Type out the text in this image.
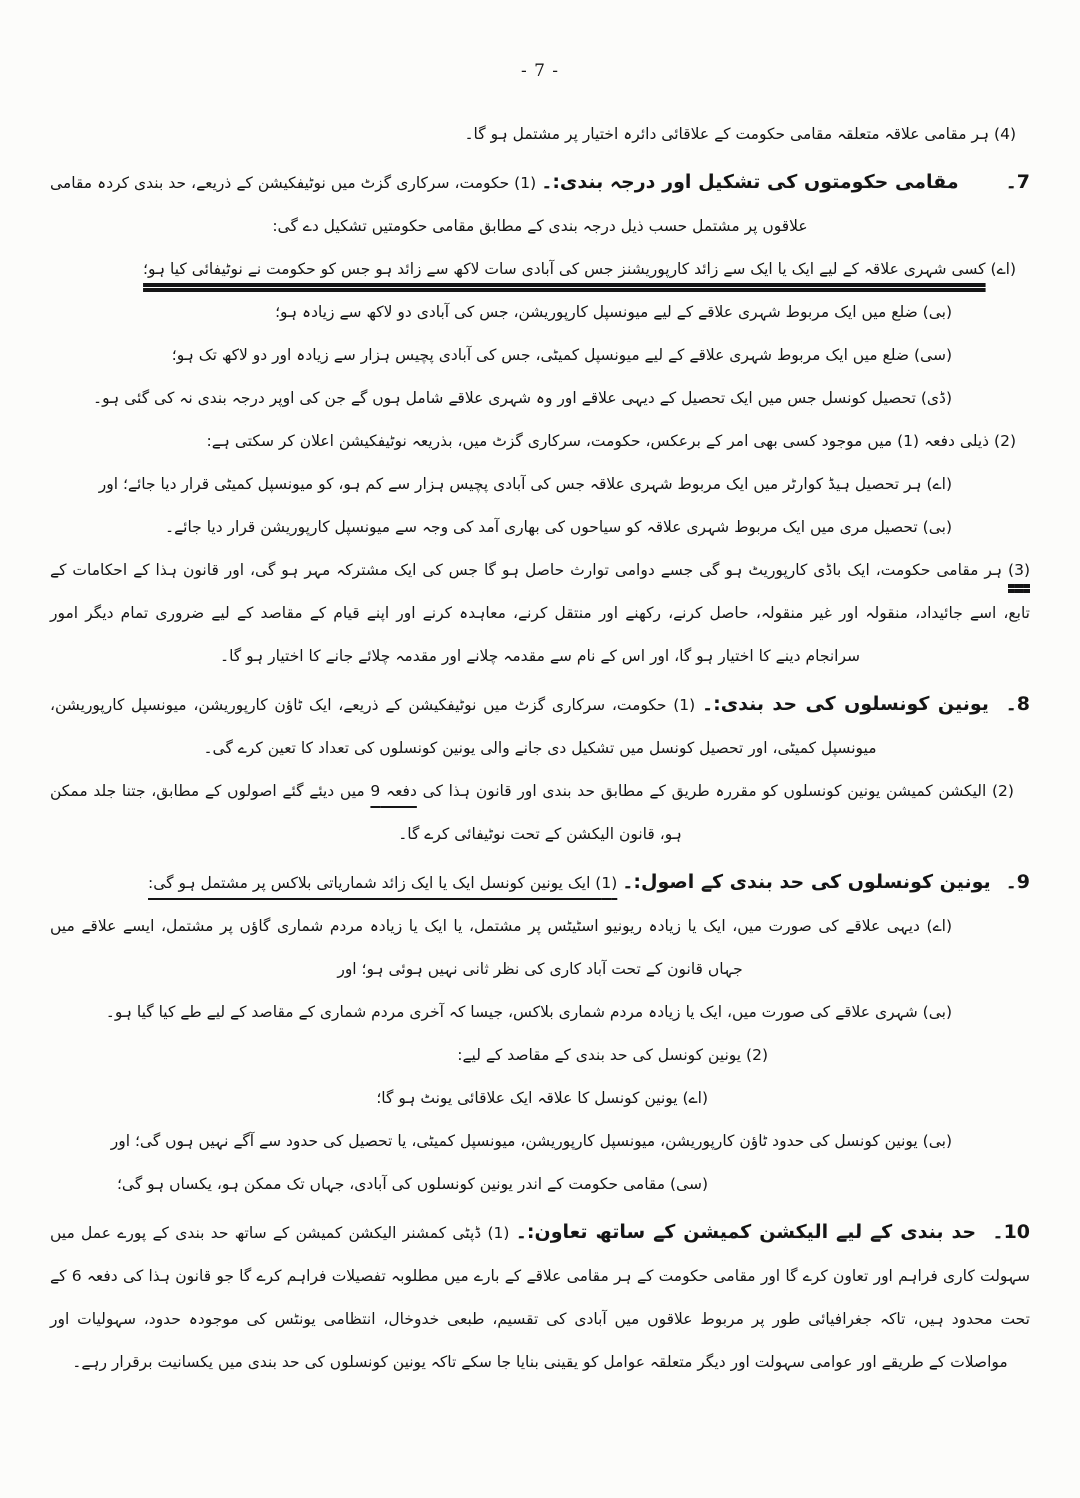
- 7 -

(4) ہر مقامی علاقہ متعلقہ مقامی حکومت کے علاقائی دائرہ اختیار پر مشتمل ہو گا۔

7۔ مقامی حکومتوں کی تشکیل اور درجہ بندی:۔ (1) حکومت، سرکاری گزٹ میں نوٹیفکیشن کے ذریعے، حد بندی کردہ مقامی علاقوں پر مشتمل حسب ذیل درجہ بندی کے مطابق مقامی حکومتیں تشکیل دے گی:

(اے) کسی شہری علاقہ کے لیے ایک یا ایک سے زائد کارپوریشنز جس کی آبادی سات لاکھ سے زائد ہو جس کو حکومت نے نوٹیفائی کیا ہو؛

(بی) ضلع میں ایک مربوط شہری علاقے کے لیے میونسپل کارپوریشن، جس کی آبادی دو لاکھ سے زیادہ ہو؛

(سی) ضلع میں ایک مربوط شہری علاقے کے لیے میونسپل کمیٹی، جس کی آبادی پچیس ہزار سے زیادہ اور دو لاکھ تک ہو؛

(ڈی) تحصیل کونسل جس میں ایک تحصیل کے دیہی علاقے اور وہ شہری علاقے شامل ہوں گے جن کی اوپر درجہ بندی نہ کی گئی ہو۔

(2) ذیلی دفعہ (1) میں موجود کسی بھی امر کے برعکس، حکومت، سرکاری گزٹ میں، بذریعہ نوٹیفکیشن اعلان کر سکتی ہے:

(اے) ہر تحصیل ہیڈ کوارٹر میں ایک مربوط شہری علاقہ جس کی آبادی پچیس ہزار سے کم ہو، کو میونسپل کمیٹی قرار دیا جائے؛ اور

(بی) تحصیل مری میں ایک مربوط شہری علاقہ کو سیاحوں کی بھاری آمد کی وجہ سے میونسپل کارپوریشن قرار دیا جائے۔

(3) ہر مقامی حکومت، ایک باڈی کارپوریٹ ہو گی جسے دوامی توارث حاصل ہو گا جس کی ایک مشترکہ مہر ہو گی، اور قانون ہذا کے احکامات کے تابع، اسے جائیداد، منقولہ اور غیر منقولہ، حاصل کرنے، رکھنے اور منتقل کرنے، معاہدہ کرنے اور اپنے قیام کے مقاصد کے لیے ضروری تمام دیگر امور سرانجام دینے کا اختیار ہو گا، اور اس کے نام سے مقدمہ چلانے اور مقدمہ چلائے جانے کا اختیار ہو گا۔

8۔ یونین کونسلوں کی حد بندی:۔ (1) حکومت، سرکاری گزٹ میں نوٹیفکیشن کے ذریعے، ایک ٹاؤن کارپوریشن، میونسپل کارپوریشن، میونسپل کمیٹی، اور تحصیل کونسل میں تشکیل دی جانے والی یونین کونسلوں کی تعداد کا تعین کرے گی۔

(2) الیکشن کمیشن یونین کونسلوں کو مقررہ طریق کے مطابق حد بندی اور قانون ہذا کی دفعہ 9 میں دیئے گئے اصولوں کے مطابق، جتنا جلد ممکن ہو، قانون الیکشن کے تحت نوٹیفائی کرے گا۔

9۔ یونین کونسلوں کی حد بندی کے اصول:۔ (1) ایک یونین کونسل ایک یا ایک زائد شماریاتی بلاکس پر مشتمل ہو گی:

(اے) دیہی علاقے کی صورت میں، ایک یا زیادہ ریونیو اسٹیٹس پر مشتمل، یا ایک یا زیادہ مردم شماری گاؤں پر مشتمل، ایسے علاقے میں جہاں قانون کے تحت آباد کاری کی نظر ثانی نہیں ہوئی ہو؛ اور

(بی) شہری علاقے کی صورت میں، ایک یا زیادہ مردم شماری بلاکس، جیسا کہ آخری مردم شماری کے مقاصد کے لیے طے کیا گیا ہو۔

(2) یونین کونسل کی حد بندی کے مقاصد کے لیے:

(اے) یونین کونسل کا علاقہ ایک علاقائی یونٹ ہو گا؛

(بی) یونین کونسل کی حدود ٹاؤن کارپوریشن، میونسپل کارپوریشن، میونسپل کمیٹی، یا تحصیل کی حدود سے آگے نہیں ہوں گی؛ اور

(سی) مقامی حکومت کے اندر یونین کونسلوں کی آبادی، جہاں تک ممکن ہو، یکساں ہو گی؛

10۔ حد بندی کے لیے الیکشن کمیشن کے ساتھ تعاون:۔ (1) ڈپٹی کمشنر الیکشن کمیشن کے ساتھ حد بندی کے پورے عمل میں سہولت کاری فراہم اور تعاون کرے گا اور مقامی حکومت کے ہر مقامی علاقے کے بارے میں مطلوبہ تفصیلات فراہم کرے گا جو قانون ہذا کی دفعہ 6 کے تحت محدود ہیں، تاکہ جغرافیائی طور پر مربوط علاقوں میں آبادی کی تقسیم، طبعی خدوخال، انتظامی یونٹس کی موجودہ حدود، سہولیات اور مواصلات کے طریقے اور عوامی سہولت اور دیگر متعلقہ عوامل کو یقینی بنایا جا سکے تاکہ یونین کونسلوں کی حد بندی میں یکسانیت برقرار رہے۔
